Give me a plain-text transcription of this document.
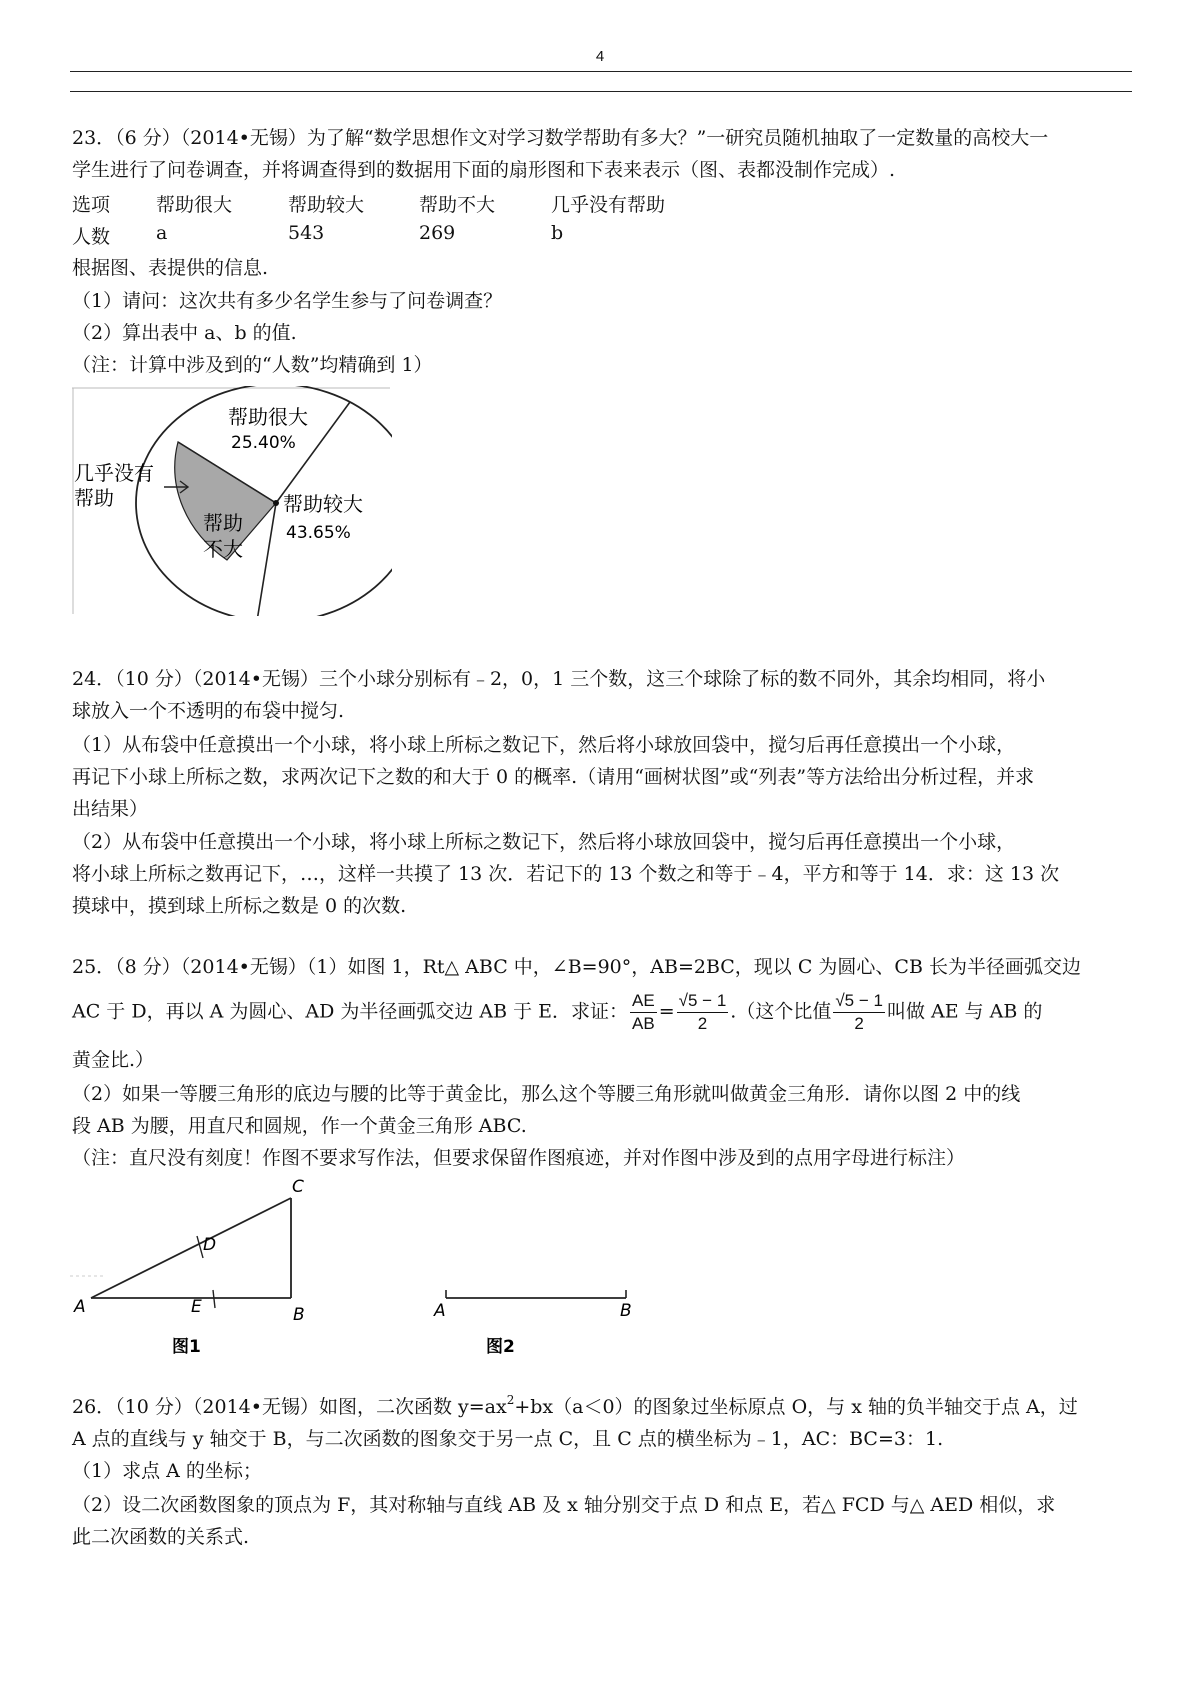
4
23．（6 分）（2014•无锡）为了解“数学思想作文对学习数学帮助有多大？”一研究员随机抽取了一定数量的高校大一
学生进行了问卷调查，并将调查得到的数据用下面的扇形图和下表来表示（图、表都没制作完成）.
选项 帮助很大	帮助较大	帮助不大	几乎没有帮助
人数 a	543	269	b
根据图、表提供的信息.
（1）请问：这次共有多少名学生参与了问卷调查？
（2）算出表中 a、b 的值.
（注：计算中涉及到的“人数”均精确到 1）
帮助很大
25.40%
帮助较大
43.65%
帮助
不大
几乎没有
帮助
24．（10 分）（2014•无锡）三个小球分别标有﹣2，0，1 三个数，这三个球除了标的数不同外，其余均相同，将小
球放入一个不透明的布袋中搅匀.
（1）从布袋中任意摸出一个小球，将小球上所标之数记下，然后将小球放回袋中，搅匀后再任意摸出一个小球，
再记下小球上所标之数，求两次记下之数的和大于 0 的概率.（请用“画树状图”或“列表”等方法给出分析过程，并求
出结果）
（2）从布袋中任意摸出一个小球，将小球上所标之数记下，然后将小球放回袋中，搅匀后再任意摸出一个小球，
将小球上所标之数再记下，…，这样一共摸了 13 次．若记下的 13 个数之和等于﹣4，平方和等于 14．求：这 13 次
摸球中，摸到球上所标之数是 0 的次数.
25．（8 分）（2014•无锡）（1）如图 1，Rt△ ABC 中，∠B=90°，AB=2BC，现以 C 为圆心、CB 长为半径画弧交边
AC 于 D，再以 A 为圆心、AD 为半径画弧交边 AB 于 E．求证： $\frac{AE}{AB} = \frac{√5 - 1}{2}$ .（这个比值 $\frac{√5 - 1}{2}$ 叫做 AE 与 AB 的
黄金比.）
（2）如果一等腰三角形的底边与腰的比等于黄金比，那么这个等腰三角形就叫做黄金三角形．请你以图 2 中的线
段 AB 为腰，用直尺和圆规，作一个黄金三角形 ABC.
（注：直尺没有刻度！作图不要求写作法，但要求保留作图痕迹，并对作图中涉及到的点用字母进行标注）
A	B
C
D
E
图1
A	B
图2
26．（10 分）（2014•无锡）如图，二次函数 $y=ax^2+bx(a<0)$的图象过坐标原点 O，与 x 轴的负半轴交于点 A，过
A 点的直线与 y 轴交于 B，与二次函数的图象交于另一点 C，且 C 点的横坐标为﹣1，AC：BC=3：1.
（1）求点 A 的坐标；
（2）设二次函数图象的顶点为 F，其对称轴与直线 AB 及 x 轴分别交于点 D 和点 E，若△ FCD 与△ AED 相似，求
此二次函数的关系式.
